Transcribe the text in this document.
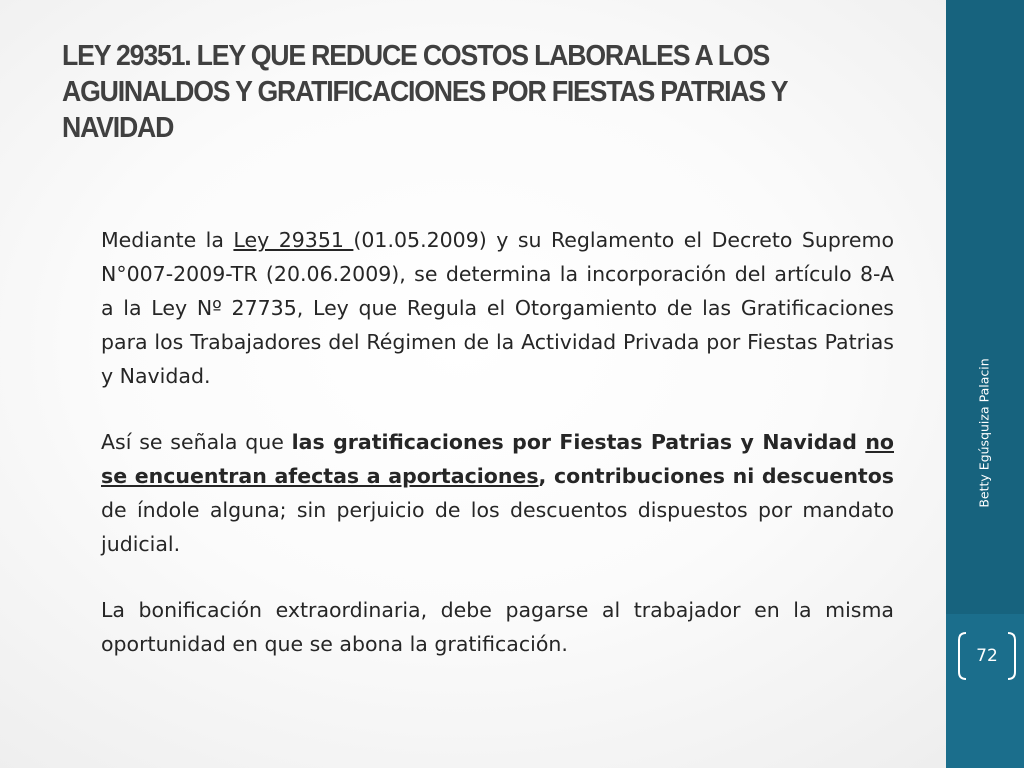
LEY 29351. LEY QUE REDUCE COSTOS LABORALES A LOS AGUINALDOS Y GRATIFICACIONES POR FIESTAS PATRIAS Y NAVIDAD

Mediante la Ley 29351 (01.05.2009) y su Reglamento el Decreto Supremo N°007-2009-TR (20.06.2009), se determina la incorporación del artículo 8-A a la Ley Nº 27735, Ley que Regula el Otorgamiento de las Gratificaciones para los Trabajadores del Régimen de la Actividad Privada por Fiestas Patrias y Navidad.

Así se señala que las gratificaciones por Fiestas Patrias y Navidad no se encuentran afectas a aportaciones, contribuciones ni descuentos de índole alguna; sin perjuicio de los descuentos dispuestos por mandato judicial.

La bonificación extraordinaria, debe pagarse al trabajador en la misma oportunidad en que se abona la gratificación.

Betty Egúsquiza Palacin
72
